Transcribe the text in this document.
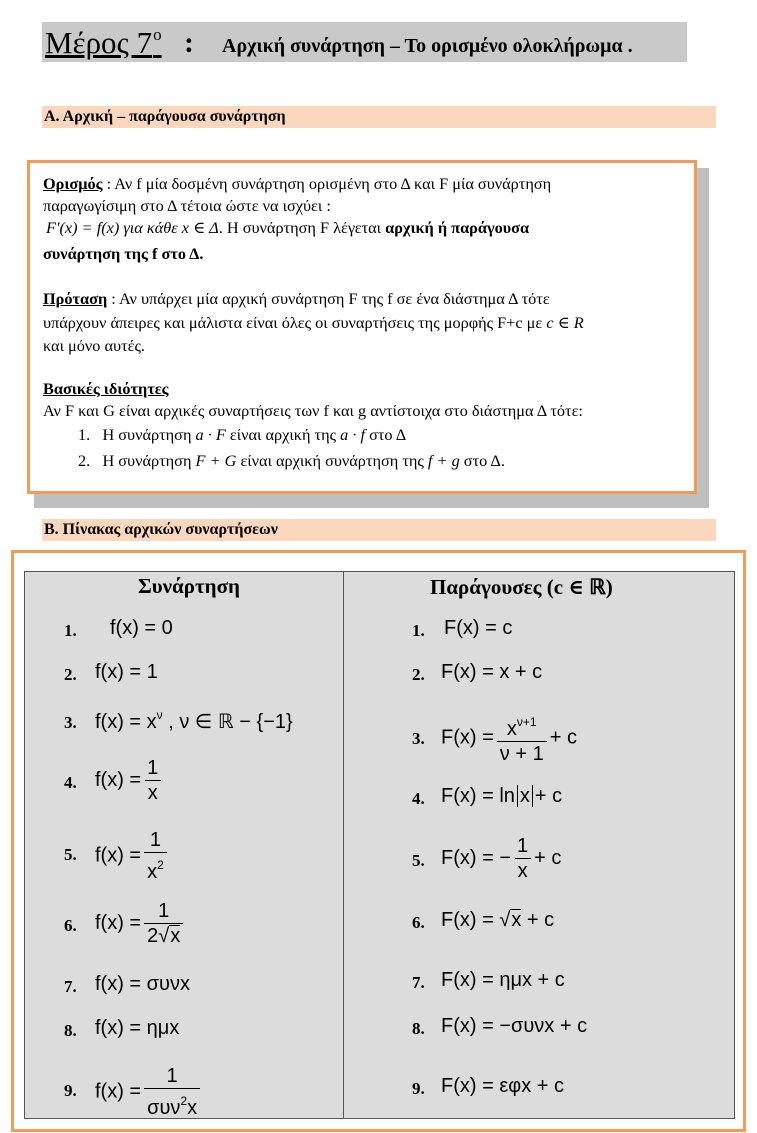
Μέρος $7^o$ : Αρχική συνάρτηση – Το ορισμένο ολοκλήρωμα .
Α. Αρχική – παράγουσα συνάρτηση
Ορισμός : Αν f μία δοσμένη συνάρτηση ορισμένη στο Δ και F μία συνάρτηση
παραγωγίσιμη στο Δ τέτοια ώστε να ισχύει :
F′(x) = f(x) για κάθε x ∈ Δ. Η συνάρτηση F λέγεται αρχική ή παράγουσα
συνάρτηση της f στο Δ.
Πρόταση : Αν υπάρχει μία αρχική συνάρτηση F της f σε ένα διάστημα Δ τότε
υπάρχουν άπειρες και μάλιστα είναι όλες οι συναρτήσεις της μορφής F+c με c ∈ R
και μόνο αυτές.
Βασικές ιδιότητες
Αν F και G είναι αρχικές συναρτήσεις των f και g αντίστοιχα στο διάστημα Δ τότε:
1. Η συνάρτηση a · F είναι αρχική της a · f στο Δ
2. Η συνάρτηση F + G είναι αρχική συνάρτηση της f + g στο Δ.
Β. Πίνακας αρχικών συναρτήσεων
Συνάρτηση	Παράγουσες (c ∈ ℝ)
1. f(x) = 0
2. f(x) = 1
3. $f(x) = x^\nu$ , ν ∈ ℝ − {−1}
4. $f(x) = \frac{1}{x}$
5. $f(x) = \frac{1}{x^2}$
6. $f(x) = \frac{1}{2√x}$
7. f(x) = συνx
8. f(x) = ημx
9. $f(x) = \frac{1}{\sigma\upsilon\nu^2x}$
1. F(x) = c
2. F(x) = x + c
3. $F(x) = \frac{x^{\nu+1}}{\nu + 1} + c$
4. F(x) = ln x + c
5. F(x) = − $\frac{1}{x} + c$
6. F(x) = √x + c
7. F(x) = ημx + c
8. F(x) = −συνx + c
9. F(x) = εφx + c
